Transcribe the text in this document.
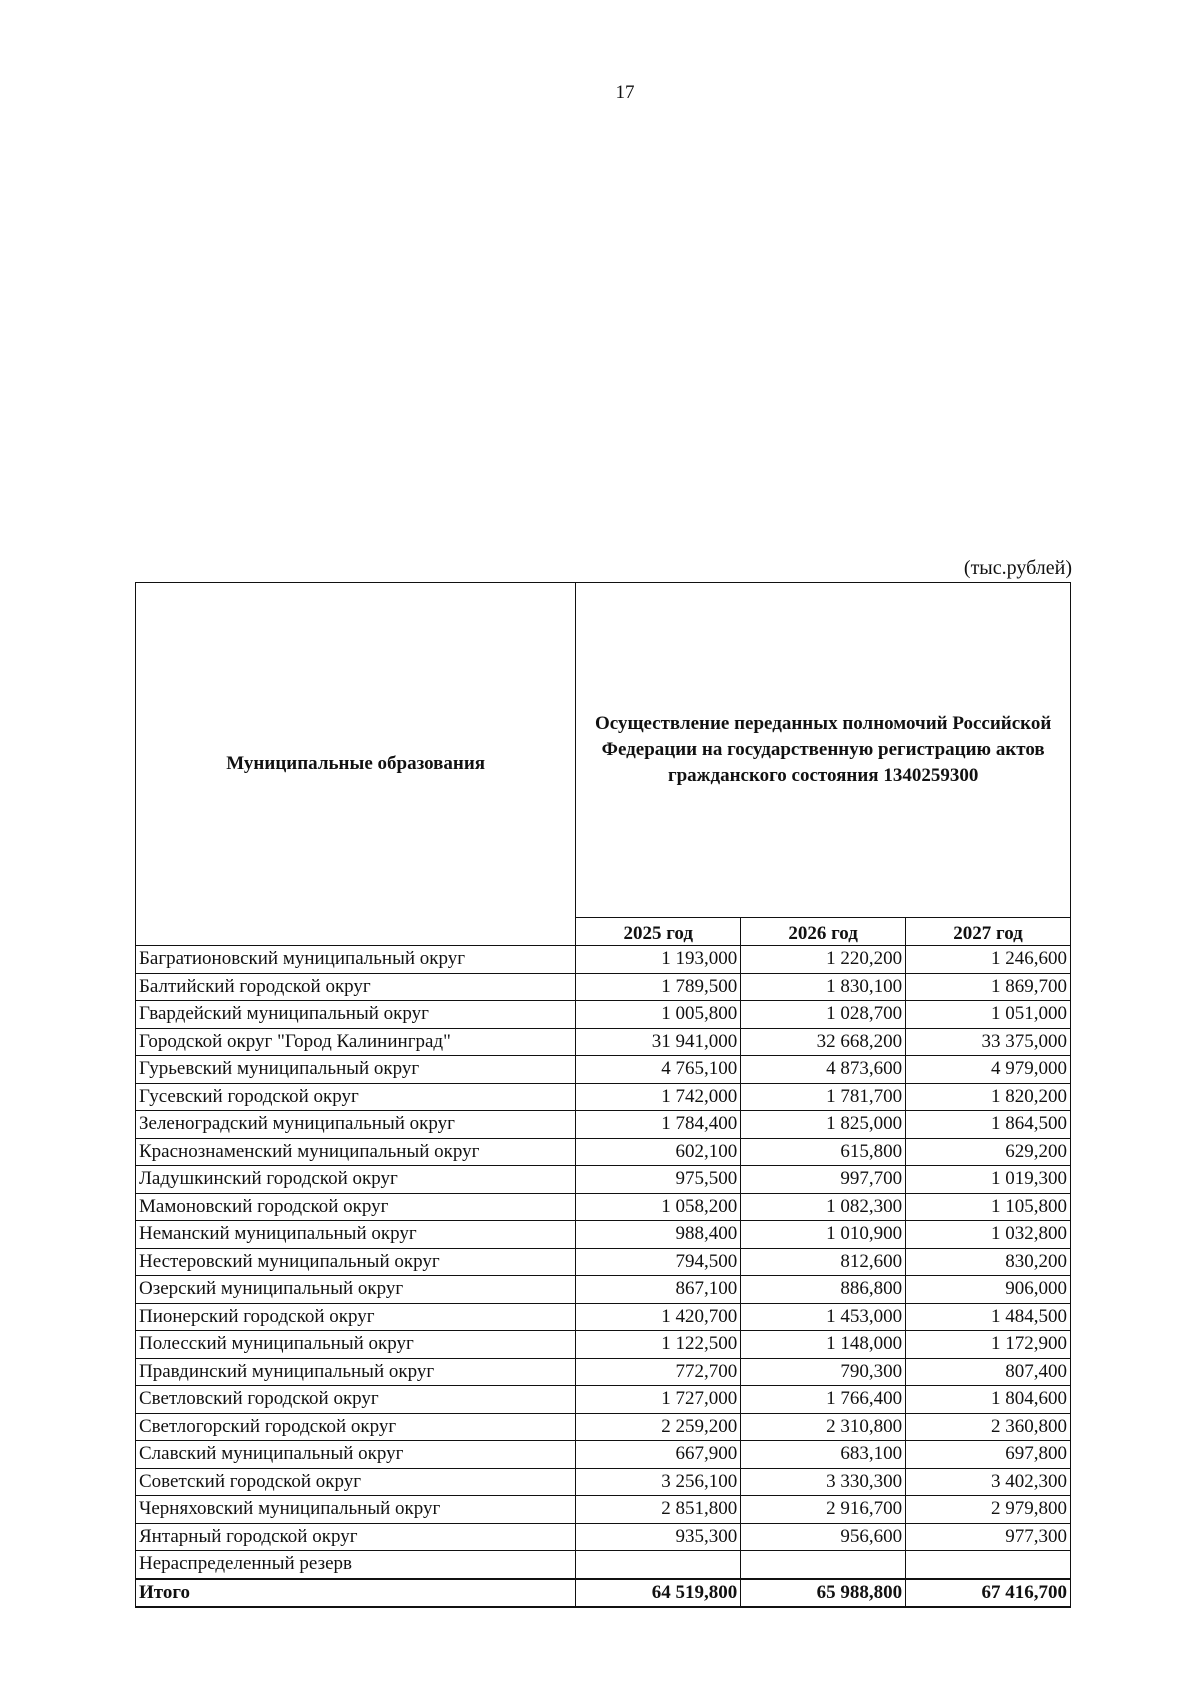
17
(тыс.рублей)
Муниципальные образования	Осуществление переданных полномочий Российской Федерации на государственную регистрацию актов гражданского состояния 1340259300		
	2025 год	2026 год	2027 год
Багратионовский муниципальный округ	1 193,000	1 220,200	1 246,600
Балтийский городской округ	1 789,500	1 830,100	1 869,700
Гвардейский муниципальный округ	1 005,800	1 028,700	1 051,000
Городской округ "Город Калининград"	31 941,000	32 668,200	33 375,000
Гурьевский муниципальный округ	4 765,100	4 873,600	4 979,000
Гусевский городской округ	1 742,000	1 781,700	1 820,200
Зеленоградский муниципальный округ	1 784,400	1 825,000	1 864,500
Краснознаменский муниципальный округ	602,100	615,800	629,200
Ладушкинский городской округ	975,500	997,700	1 019,300
Мамоновский городской округ	1 058,200	1 082,300	1 105,800
Неманский муниципальный округ	988,400	1 010,900	1 032,800
Нестеровский муниципальный округ	794,500	812,600	830,200
Озерский муниципальный округ	867,100	886,800	906,000
Пионерский городской округ	1 420,700	1 453,000	1 484,500
Полесский муниципальный округ	1 122,500	1 148,000	1 172,900
Правдинский муниципальный округ	772,700	790,300	807,400
Светловский городской округ	1 727,000	1 766,400	1 804,600
Светлогорский городской округ	2 259,200	2 310,800	2 360,800
Славский муниципальный округ	667,900	683,100	697,800
Советский городской округ	3 256,100	3 330,300	3 402,300
Черняховский муниципальный округ	2 851,800	2 916,700	2 979,800
Янтарный городской округ	935,300	956,600	977,300
Нераспределенный резерв			
Итого	64 519,800	65 988,800	67 416,700
